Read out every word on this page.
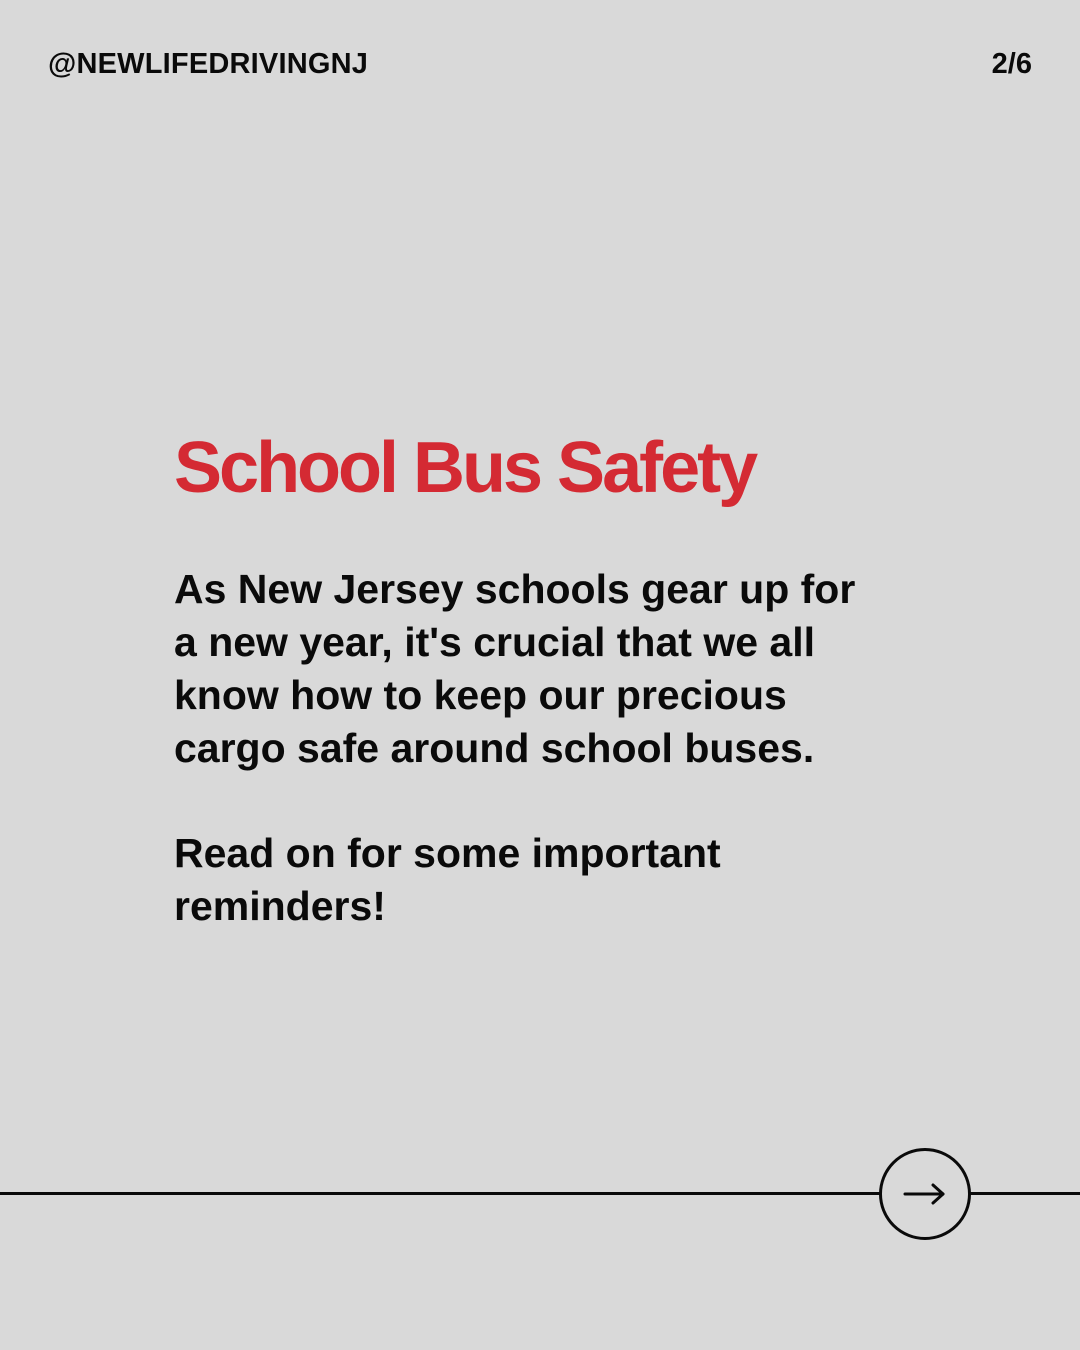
@NEWLIFEDRIVINGNJ	2/6
School Bus Safety

As New Jersey schools gear up for
a new year, it's crucial that we all
know how to keep our precious
cargo safe around school buses.

Read on for some important
reminders!
